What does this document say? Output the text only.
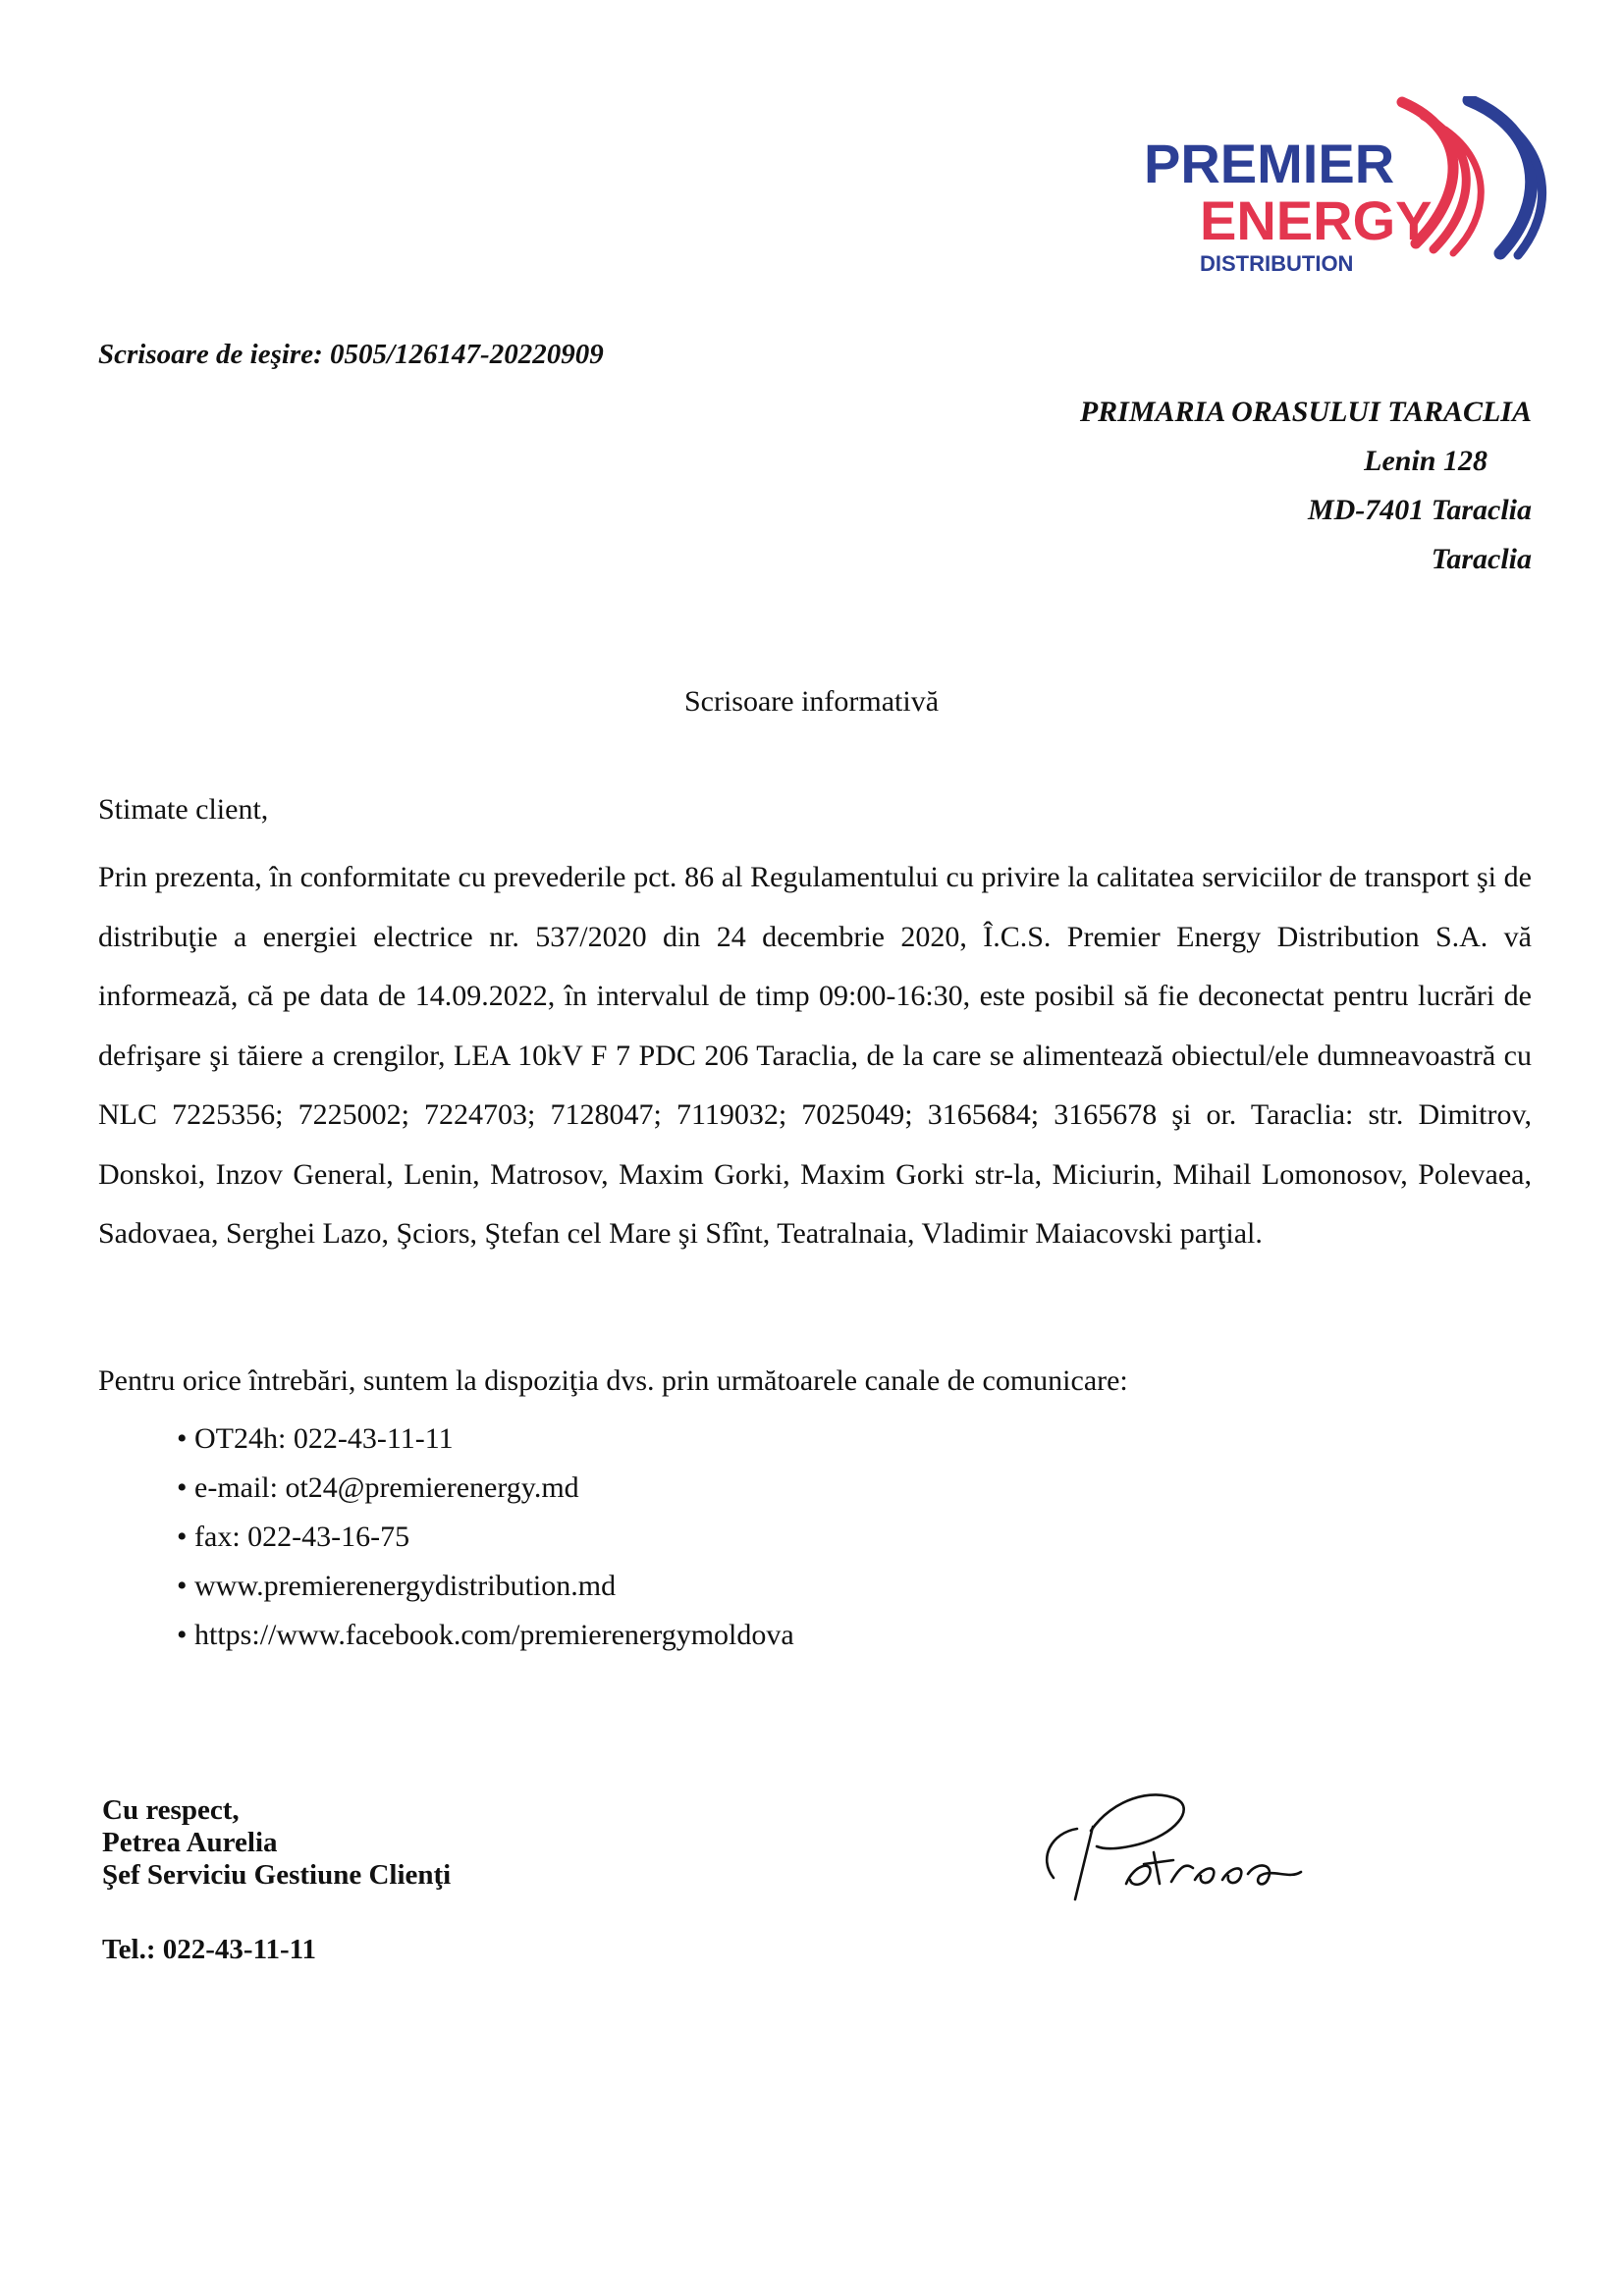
PREMIER
ENERGY
DISTRIBUTION
Scrisoare de ieşire: 0505/126147-20220909
PRIMARIA ORASULUI TARACLIA
Lenin 128
MD-7401 Taraclia
Taraclia
Scrisoare informativă
Stimate client,

Prin prezenta, în conformitate cu prevederile pct. 86 al Regulamentului cu privire la calitatea serviciilor de transport şi de distribuţie a energiei electrice nr. 537/2020 din 24 decembrie 2020, Î.C.S. Premier Energy Distribution S.A. vă informează, că pe data de 14.09.2022, în intervalul de timp 09:00-16:30, este posibil să fie deconectat pentru lucrări de defrişare şi tăiere a crengilor, LEA 10kV F 7 PDC 206 Taraclia, de la care se alimentează obiectul/ele dumneavoastră cu NLC 7225356; 7225002; 7224703; 7128047; 7119032; 7025049; 3165684; 3165678 şi or. Taraclia: str. Dimitrov, Donskoi, Inzov General, Lenin, Matrosov, Maxim Gorki, Maxim Gorki str-la, Miciurin, Mihail Lomonosov, Polevaea, Sadovaea, Serghei Lazo, Şciors, Ştefan cel Mare şi Sfînt, Teatralnaia, Vladimir Maiacovski parţial.

Pentru orice întrebări, suntem la dispoziţia dvs. prin următoarele canale de comunicare:
• OT24h: 022-43-11-11
• e-mail: ot24@premierenergy.md
• fax: 022-43-16-75
• www.premierenergydistribution.md
• https://www.facebook.com/premierenergymoldova
Cu respect,
Petrea Aurelia
Şef Serviciu Gestiune Clienţi
Tel.: 022-43-11-11
